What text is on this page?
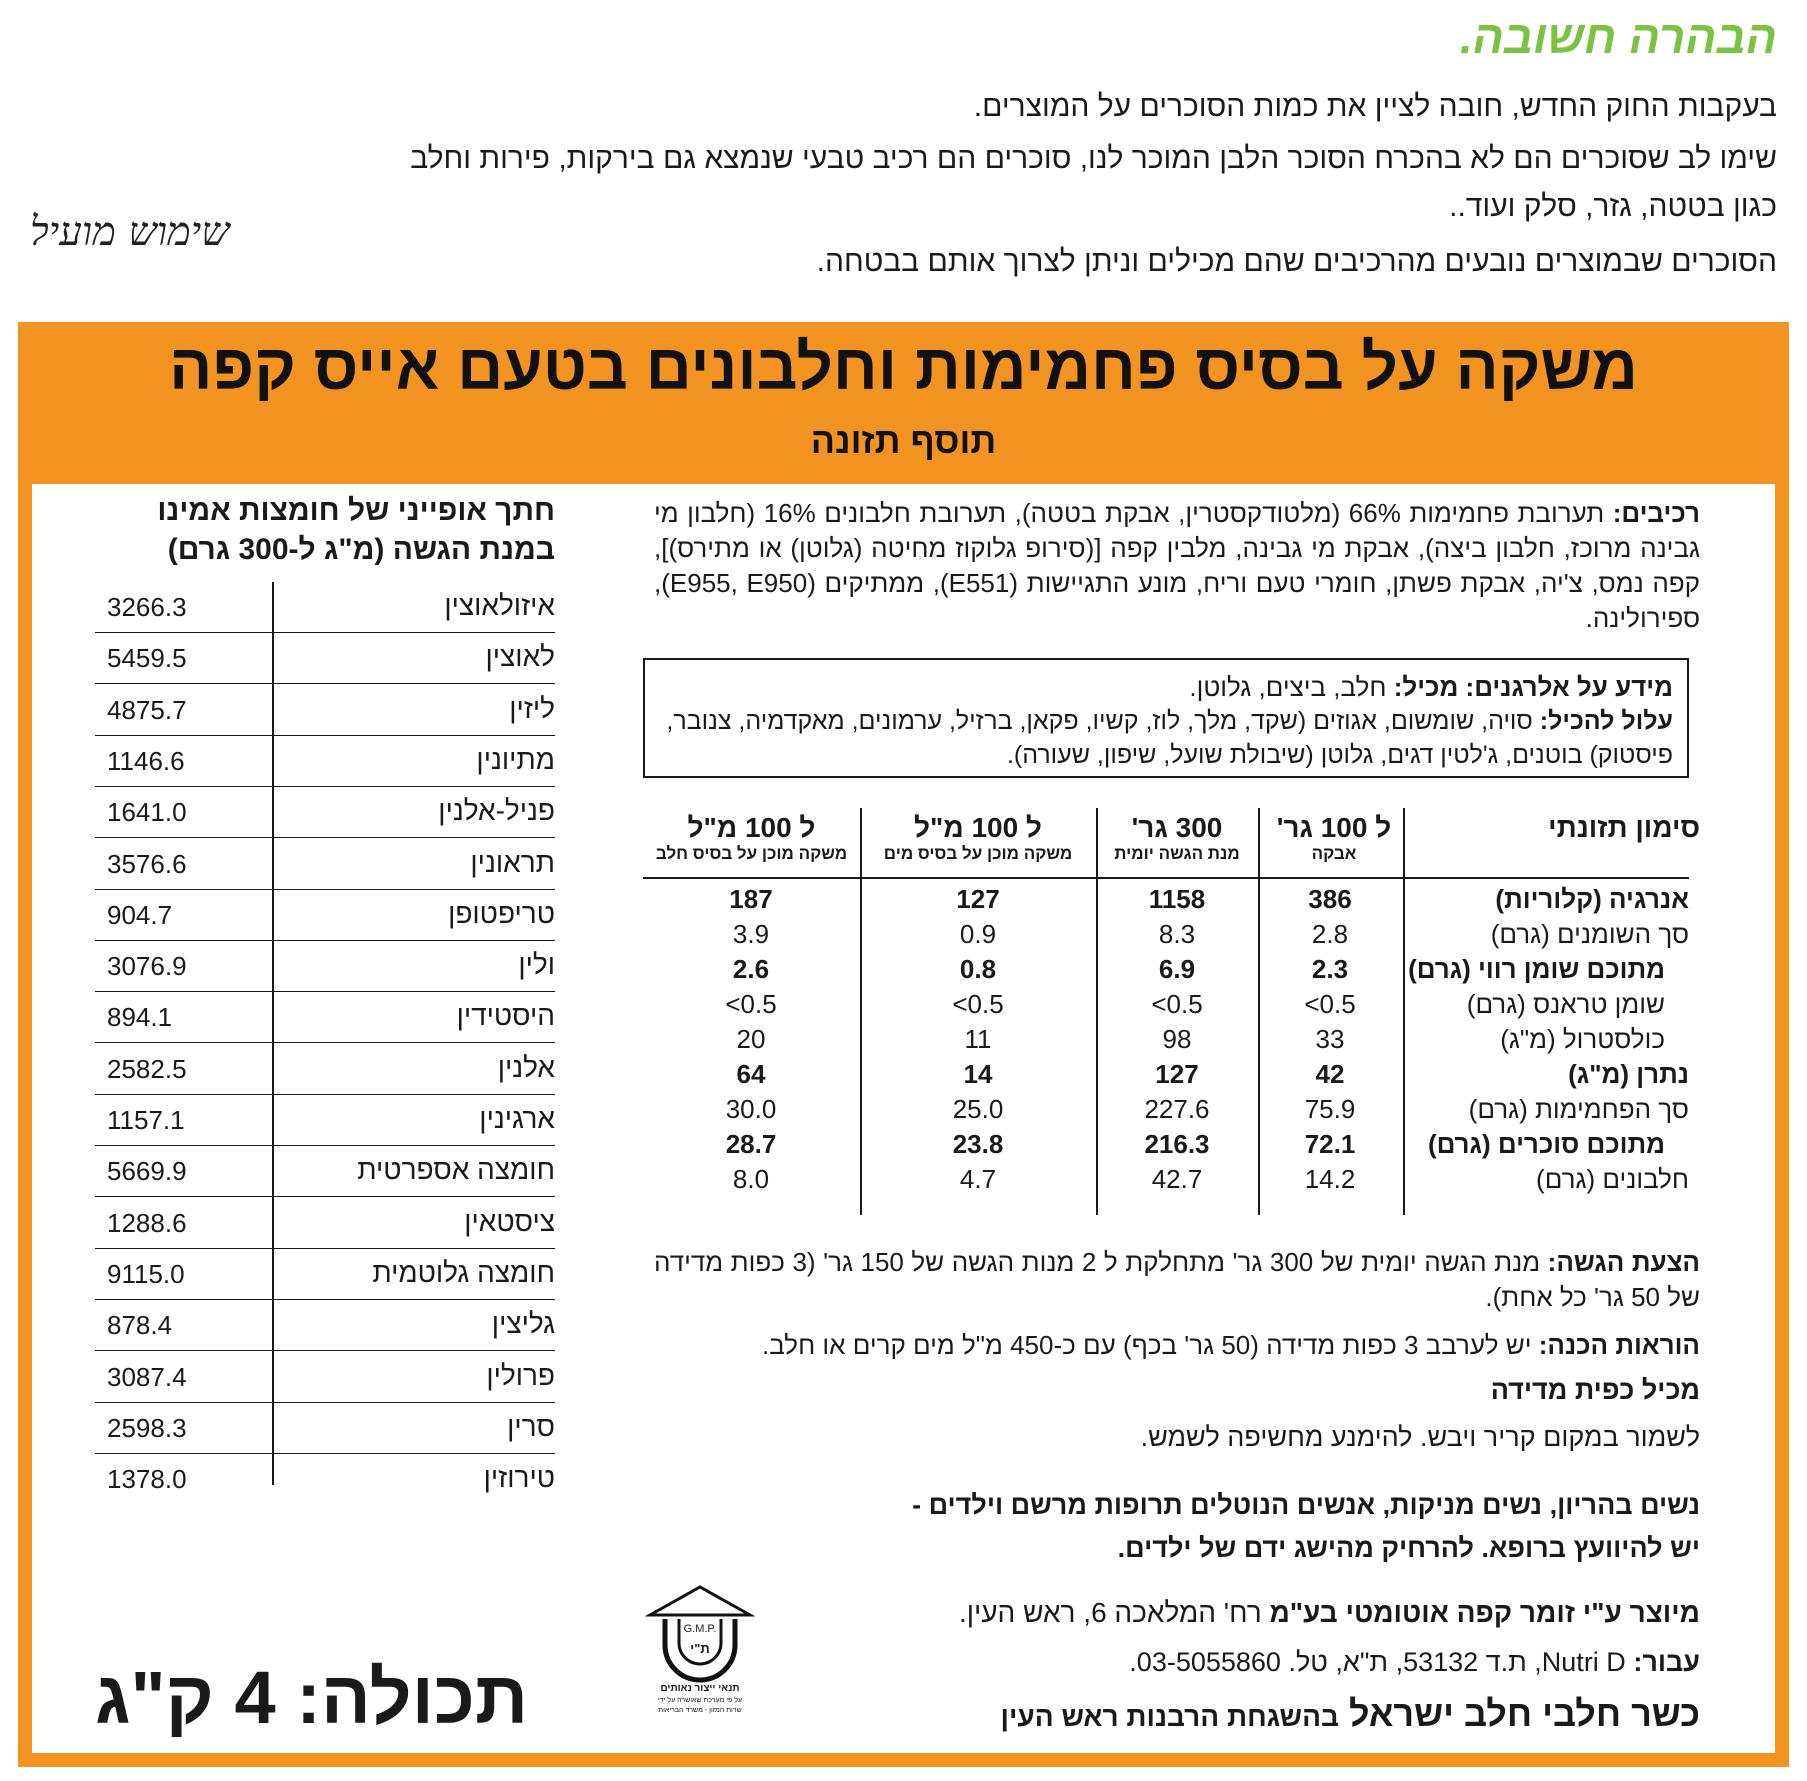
הבהרה חשובה.
בעקבות החוק החדש, חובה לציין את כמות הסוכרים על המוצרים.
שימו לב שסוכרים הם לא בהכרח הסוכר הלבן המוכר לנו, סוכרים הם רכיב טבעי שנמצא גם בירקות, פירות וחלב
כגון בטטה, גזר, סלק ועוד..
הסוכרים שבמוצרים נובעים מהרכיבים שהם מכילים וניתן לצרוך אותם בבטחה.
שימוש מועיל
משקה על בסיס פחמימות וחלבונים בטעם אייס קפה
תוסף תזונה
רכיבים: תערובת פחמימות 66% (מלטודקסטרין, אבקת בטטה), תערובת חלבונים 16% (חלבון מי גבינה מרוכז, חלבון ביצה), אבקת מי גבינה, מלבין קפה [(סירופ גלוקוז מחיטה (גלוטן) או מתירס)], קפה נמס, צ'יה, אבקת פשתן, חומרי טעם וריח, מונע התגיישות (E551), ממתיקים (E955, E950), ספירולינה.
מידע על אלרגנים: מכיל: חלב, ביצים, גלוטן.
עלול להכיל: סויה, שומשום, אגוזים (שקד, מלך, לוז, קשיו, פקאן, ברזיל, ערמונים, מאקדמיה, צנובר, פיסטוק) בוטנים, ג'לטין דגים, גלוטן (שיבולת שועל, שיפון, שעורה).
סימון תזונתי
ל 100 גר'
אבקה
300 גר'
מנת הגשה יומית
ל 100 מ"ל
משקה מוכן על בסיס מים
ל 100 מ"ל
משקה מוכן על בסיס חלב
אנרגיה (קלוריות)
386
1158
127
187
סך השומנים (גרם)
2.8
8.3
0.9
3.9
מתוכם שומן רווי (גרם)
2.3
6.9
0.8
2.6
שומן טראנס (גרם)
<0.5
<0.5
<0.5
<0.5
כולסטרול (מ"ג)
33
98
11
20
נתרן (מ"ג)
42
127
14
64
סך הפחמימות (גרם)
75.9
227.6
25.0
30.0
מתוכם סוכרים (גרם)
72.1
216.3
23.8
28.7
חלבונים (גרם)
14.2
42.7
4.7
8.0
הצעת הגשה: מנת הגשה יומית של 300 גר' מתחלקת ל 2 מנות הגשה של 150 גר' (3 כפות מדידה של 50 גר' כל אחת).
הוראות הכנה: יש לערבב 3 כפות מדידה (50 גר' בכף) עם כ-450 מ"ל מים קרים או חלב.
מכיל כפית מדידה
לשמור במקום קריר ויבש. להימנע מחשיפה לשמש.
נשים בהריון, נשים מניקות, אנשים הנוטלים תרופות מרשם וילדים -
יש להיוועץ ברופא. להרחיק מהישג ידם של ילדים.
מיוצר ע"י זומר קפה אוטומטי בע"מ רח' המלאכה 6, ראש העין.
עבור: Nutri D, ת.ד 53132, ת"א, טל. 03-5055860.
כשר חלבי חלב ישראל בהשגחת הרבנות ראש העין
G.M.P.
ת"י
תנאי ייצור נאותים
על פי מערכת שאושרה על ידי
שרות המזון - משרד הבריאות
תכולה: 4 ק"ג
חתך אופייני של חומצות אמינו
במנת הגשה (מ"ג ל-300 גרם)
איזולאוצין
3266.3
לאוצין
5459.5
ליזין
4875.7
מתיונין
1146.6
פניל-אלנין
1641.0
תראונין
3576.6
טריפטופן
904.7
ולין
3076.9
היסטידין
894.1
אלנין
2582.5
ארגינין
1157.1
חומצה אספרטית
5669.9
ציסטאין
1288.6
חומצה גלוטמית
9115.0
גליצין
878.4
פרולין
3087.4
סרין
2598.3
טירוזין
1378.0
